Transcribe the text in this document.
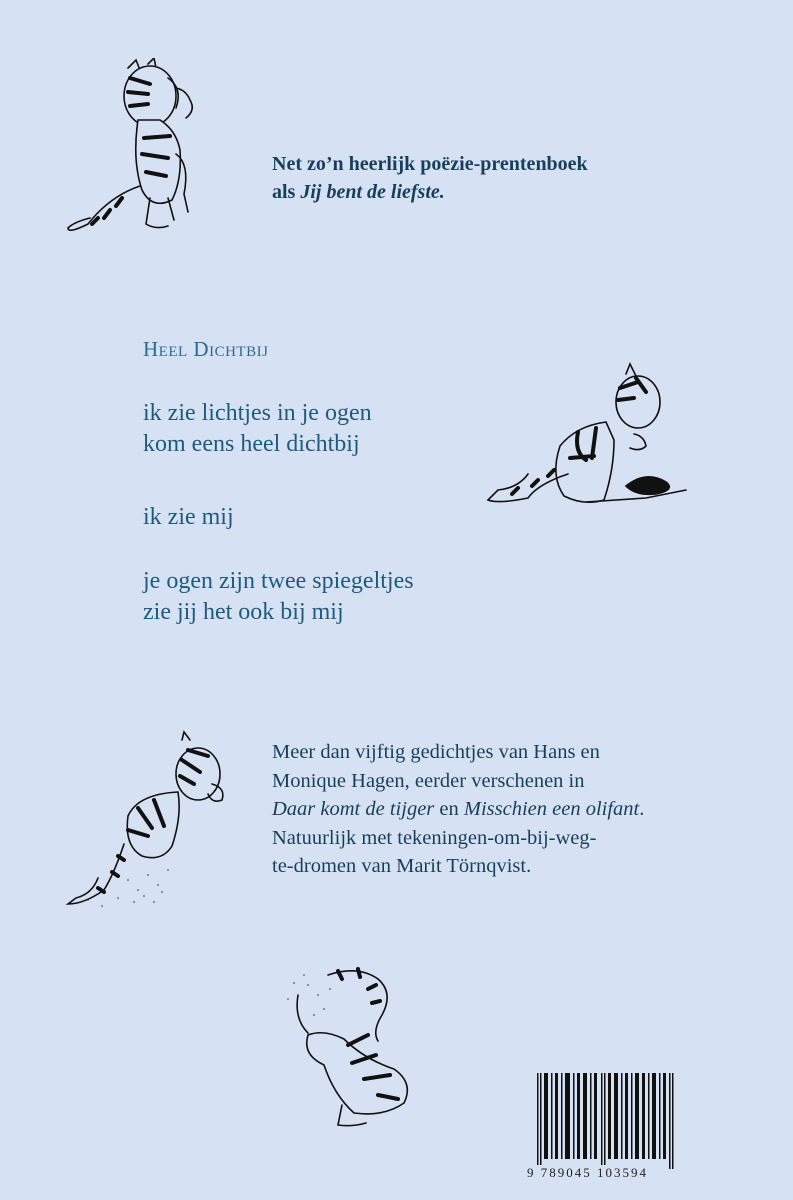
Net zo’n heerlijk poëzie-prentenboek
als Jij bent de liefste.
Heel Dichtbij
ik zie lichtjes in je ogen
kom eens heel dichtbij
ik zie mij
je ogen zijn twee spiegeltjes
zie jij het ook bij mij
Meer dan vijftig gedichtjes van Hans en
Monique Hagen, eerder verschenen in
Daar komt de tijger en Misschien een olifant.
Natuurlijk met tekeningen-om-bij-weg-
te-dromen van Marit Törnqvist.
9 789045 103594
